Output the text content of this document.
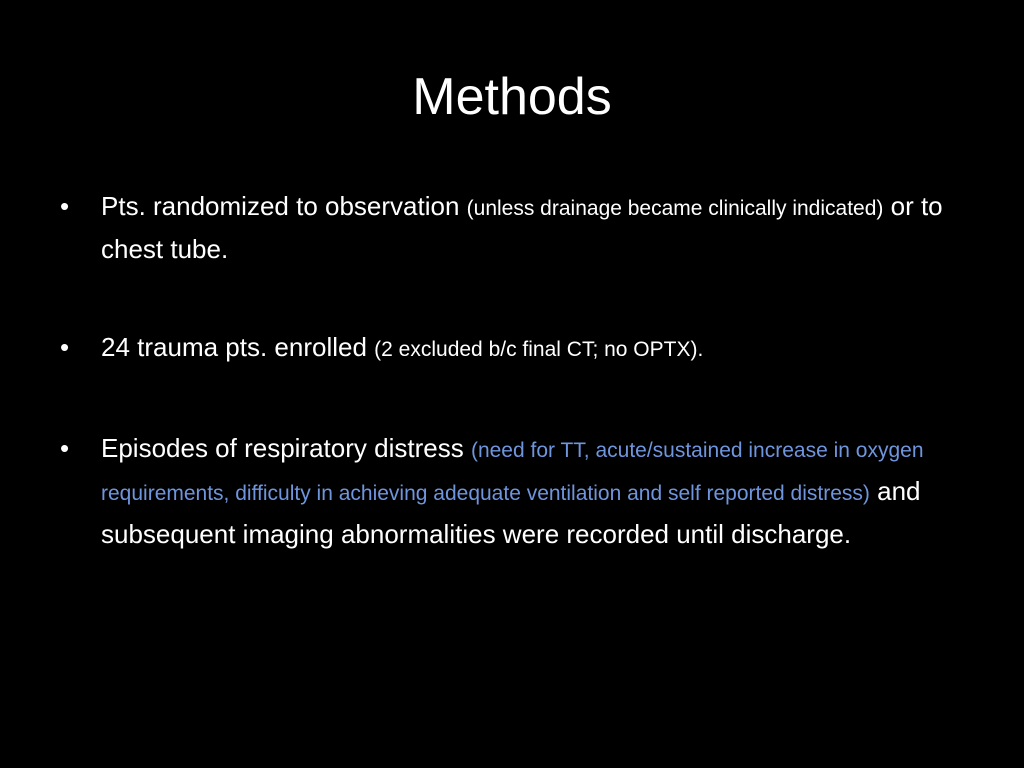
Methods
• Pts. randomized to observation (unless drainage became clinically indicated) or to chest tube.
• 24 trauma pts. enrolled (2 excluded b/c final CT; no OPTX).
• Episodes of respiratory distress (need for TT, acute/sustained increase in oxygen requirements, difficulty in achieving adequate ventilation and self reported distress) and subsequent imaging abnormalities were recorded until discharge.
